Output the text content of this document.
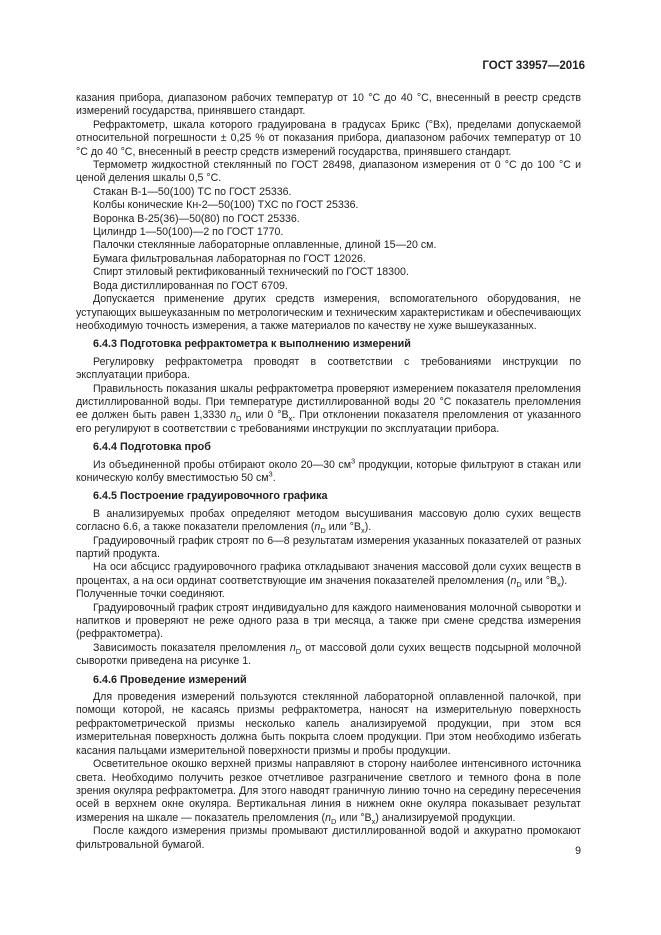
ГОСТ 33957—2016

казания прибора, диапазоном рабочих температур от 10 °С до 40 °С, внесенный в реестр средств измерений государства, принявшего стандарт.

Рефрактометр, шкала которого градуирована в градусах Брикс (°Bx), пределами допускаемой относительной погрешности ± 0,25 % от показания прибора, диапазоном рабочих температур от 10 °С до 40 °С, внесенный в реестр средств измерений государства, принявшего стандарт.

Термометр жидкостной стеклянный по ГОСТ 28498, диапазоном измерения от 0 °С до 100 °С и ценой деления шкалы 0,5 °С.

Стакан В-1—50(100) ТС по ГОСТ 25336.

Колбы конические Кн-2—50(100) ТХС по ГОСТ 25336.

Воронка В-25(36)—50(80) по ГОСТ 25336.

Цилиндр 1—50(100)—2 по ГОСТ 1770.

Палочки стеклянные лабораторные оплавленные, длиной 15—20 см.

Бумага фильтровальная лабораторная по ГОСТ 12026.

Спирт этиловый ректификованный технический по ГОСТ 18300.

Вода дистиллированная по ГОСТ 6709.

Допускается применение других средств измерения, вспомогательного оборудования, не уступающих вышеуказанным по метрологическим и техническим характеристикам и обеспечивающих необходимую точность измерения, а также материалов по качеству не хуже вышеуказанных.

6.4.3 Подготовка рефрактометра к выполнению измерений

Регулировку рефрактометра проводят в соответствии с требованиями инструкции по эксплуатации прибора.

Правильность показания шкалы рефрактометра проверяют измерением показателя преломления дистиллированной воды. При температуре дистиллированной воды 20 °С показатель преломления ее должен быть равен 1,3330 $n_D$ или 0 $^\circ B_x$. При отклонении показателя преломления от указанного его регулируют в соответствии с требованиями инструкции по эксплуатации прибора.

6.4.4 Подготовка проб

Из объединенной пробы отбирают около 20—30 $см^3$ продукции, которые фильтруют в стакан или коническую колбу вместимостью 50 $см^3$.

6.4.5 Построение градуировочного графика

В анализируемых пробах определяют методом высушивания массовую долю сухих веществ согласно 6.6, а также показатели преломления ($n_D$ или $^\circ B_x$).

Градуировочный график строят по 6—8 результатам измерения указанных показателей от разных партий продукта.

На оси абсцисс градуировочного графика откладывают значения массовой доли сухих веществ в процентах, а на оси ординат соответствующие им значения показателей преломления ($n_D$ или $^\circ B_x$).

Полученные точки соединяют.

Градуировочный график строят индивидуально для каждого наименования молочной сыворотки и напитков и проверяют не реже одного раза в три месяца, а также при смене средства измерения (рефрактометра).

Зависимость показателя преломления $n_D$ от массовой доли сухих веществ подсырной молочной сыворотки приведена на рисунке 1.

6.4.6 Проведение измерений

Для проведения измерений пользуются стеклянной лабораторной оплавленной палочкой, при помощи которой, не касаясь призмы рефрактометра, наносят на измерительную поверхность рефрактометрической призмы несколько капель анализируемой продукции, при этом вся измерительная поверхность должна быть покрыта слоем продукции. При этом необходимо избегать касания пальцами измерительной поверхности призмы и пробы продукции.

Осветительное окошко верхней призмы направляют в сторону наиболее интенсивного источника света. Необходимо получить резкое отчетливое разграничение светлого и темного фона в поле зрения окуляра рефрактометра. Для этого наводят граничную линию точно на середину пересечения осей в верхнем окне окуляра. Вертикальная линия в нижнем окне окуляра показывает результат измерения на шкале — показатель преломления ($n_D$ или $^\circ B_x$) анализируемой продукции.

После каждого измерения призмы промывают дистиллированной водой и аккуратно промокают фильтровальной бумагой.

9
